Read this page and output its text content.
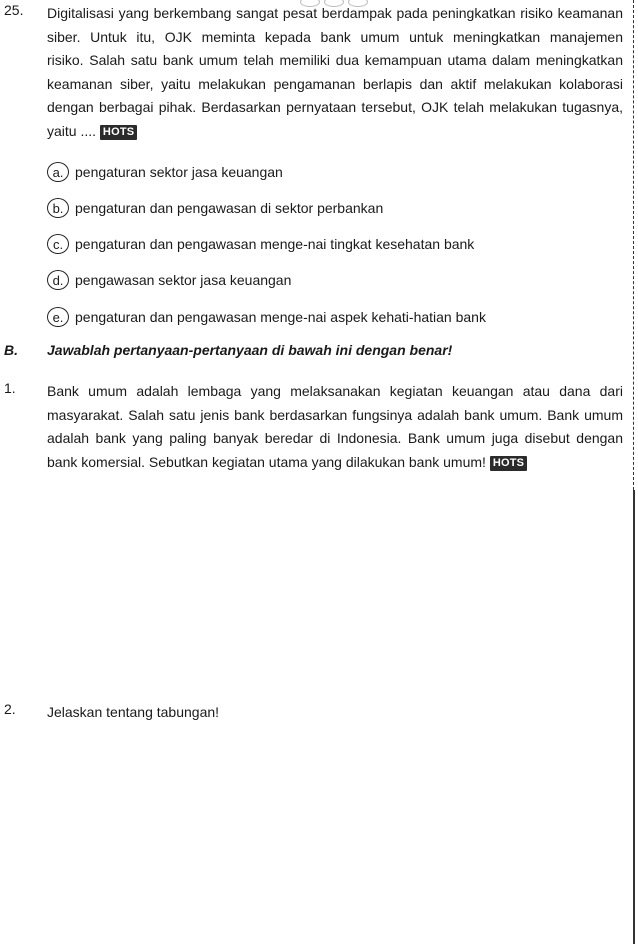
25. Digitalisasi yang berkembang sangat pesat berdampak pada peningkatkan risiko keamanan
siber. Untuk itu, OJK meminta kepada bank umum untuk meningkatkan manajemen
risiko. Salah satu bank umum telah memiliki dua kemampuan utama dalam meningkatkan
keamanan siber, yaitu melakukan pengamanan berlapis dan aktif melakukan kolaborasi
dengan berbagai pihak. Berdasarkan pernyataan tersebut, OJK telah melakukan tugasnya,
yaitu .... HOTS
a. pengaturan sektor jasa keuangan
b. pengaturan dan pengawasan di sektor perbankan
c. pengaturan dan pengawasan menge-nai tingkat kesehatan bank
d. pengawasan sektor jasa keuangan
e. pengaturan dan pengawasan menge-nai aspek kehati-hatian bank
B. Jawablah pertanyaan-pertanyaan di bawah ini dengan benar!
1. Bank umum adalah lembaga yang melaksanakan kegiatan keuangan atau dana dari
masyarakat. Salah satu jenis bank berdasarkan fungsinya adalah bank umum. Bank umum
adalah bank yang paling banyak beredar di Indonesia. Bank umum juga disebut dengan
bank komersial. Sebutkan kegiatan utama yang dilakukan bank umum! HOTS
2. Jelaskan tentang tabungan!
